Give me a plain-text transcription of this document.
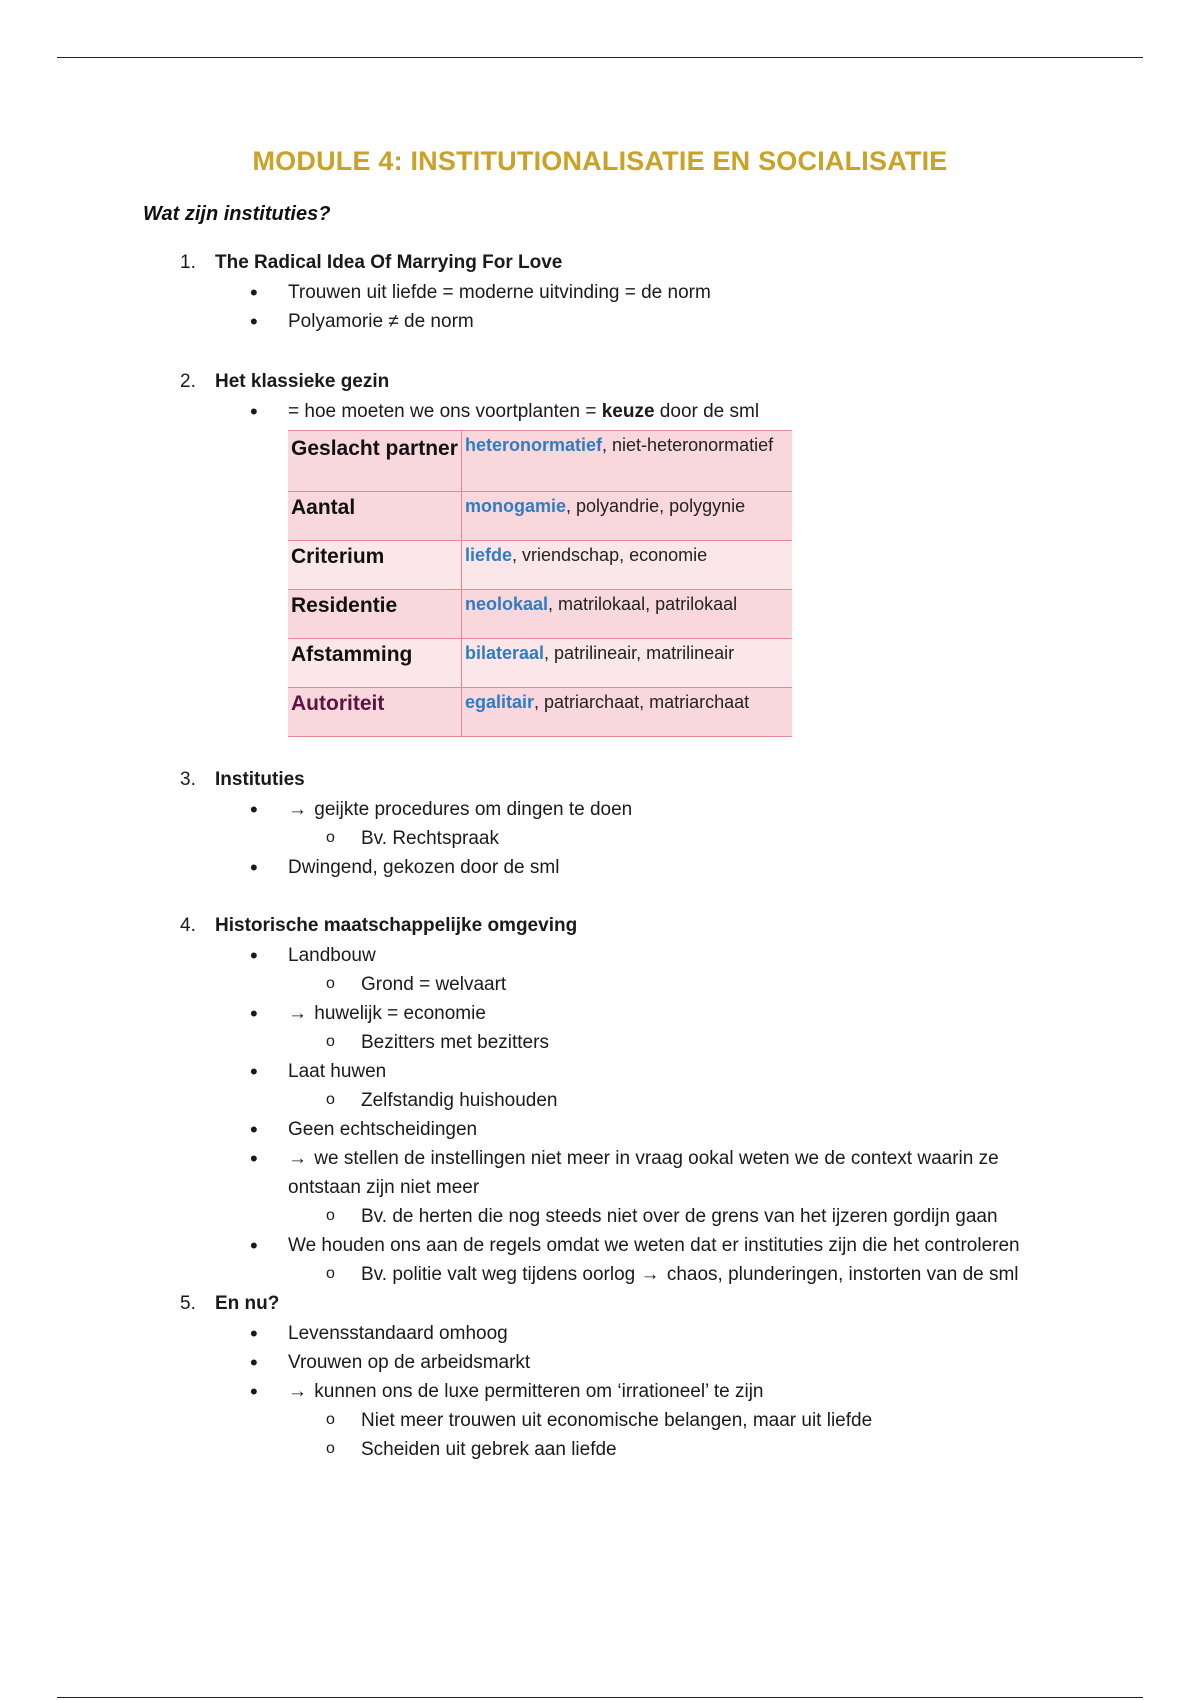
MODULE 4: INSTITUTIONALISATIE EN SOCIALISATIE

Wat zijn instituties?

1. The Radical Idea Of Marrying For Love
• Trouwen uit liefde = moderne uitvinding = de norm
• Polyamorie ≠ de norm
2. Het klassieke gezin
• = hoe moeten we ons voortplanten = keuze door de sml
Geslacht partner	heteronormatief, niet-heteronormatief
Aantal	monogamie, polyandrie, polygynie
Criterium	liefde, vriendschap, economie
Residentie	neolokaal, matrilokaal, patrilokaal
Afstamming	bilateraal, patrilineair, matrilineair
Autoriteit	egalitair, patriarchaat, matriarchaat
3. Instituties
• → geijkte procedures om dingen te doen
o Bv. Rechtspraak
• Dwingend, gekozen door de sml
4. Historische maatschappelijke omgeving
• Landbouw
o Grond = welvaart
• → huwelijk = economie
o Bezitters met bezitters
• Laat huwen
o Zelfstandig huishouden
• Geen echtscheidingen
• → we stellen de instellingen niet meer in vraag ookal weten we de context waarin ze ontstaan zijn niet meer
o Bv. de herten die nog steeds niet over de grens van het ijzeren gordijn gaan
• We houden ons aan de regels omdat we weten dat er instituties zijn die het controleren
o Bv. politie valt weg tijdens oorlog → chaos, plunderingen, instorten van de sml
5. En nu?
• Levensstandaard omhoog
• Vrouwen op de arbeidsmarkt
• → kunnen ons de luxe permitteren om ‘irrationeel’ te zijn
o Niet meer trouwen uit economische belangen, maar uit liefde
o Scheiden uit gebrek aan liefde
